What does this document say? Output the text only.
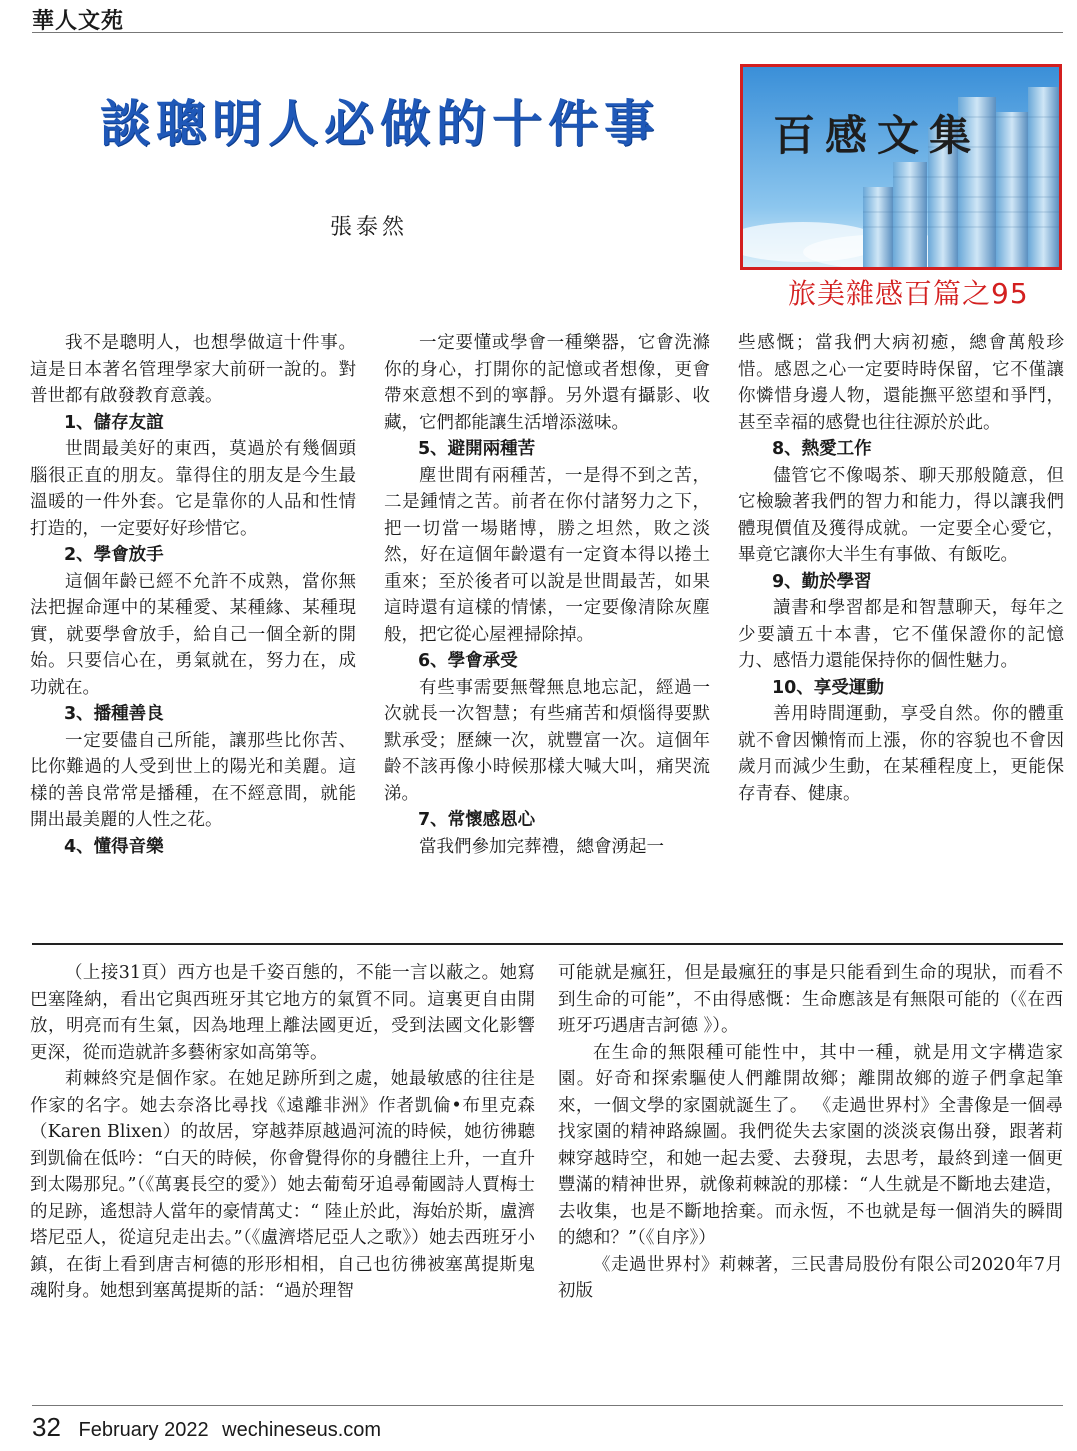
華人文苑
談聰明人必做的十件事
張泰然
百感文集
旅美雜感百篇之95

我不是聰明人，也想學做這十件事。這是日本著名管理學家大前研一說的。對普世都有啟發教育意義。

1、儲存友誼

世間最美好的東西，莫過於有幾個頭腦很正直的朋友。靠得住的朋友是今生最溫暖的一件外套。它是靠你的人品和性情打造的，一定要好好珍惜它。

2、學會放手

這個年齡已經不允許不成熟，當你無法把握命運中的某種愛、某種緣、某種現實，就要學會放手，給自己一個全新的開始。只要信心在，勇氣就在，努力在，成功就在。

3、播種善良

一定要儘自己所能，讓那些比你苦、比你難過的人受到世上的陽光和美麗。這樣的善良常常是播種，在不經意間，就能開出最美麗的人性之花。

4、懂得音樂

一定要懂或學會一種樂器，它會洗滌你的身心，打開你的記憶或者想像，更會帶來意想不到的寧靜。另外還有攝影、收藏，它們都能讓生活增添滋味。

5、避開兩種苦

塵世間有兩種苦，一是得不到之苦，二是鍾情之苦。前者在你付諸努力之下，把一切當一場賭博，勝之坦然，敗之淡然，好在這個年齡還有一定資本得以捲土重來；至於後者可以說是世間最苦，如果這時還有這樣的情愫，一定要像清除灰塵般，把它從心屋裡掃除掉。

6、學會承受

有些事需要無聲無息地忘記，經過一次就長一次智慧；有些痛苦和煩惱得要默默承受；歷練一次，就豐富一次。這個年齡不該再像小時候那樣大喊大叫，痛哭流涕。

7、常懷感恩心

當我們參加完葬禮，總會湧起一

些感慨；當我們大病初癒，總會萬般珍惜。感恩之心一定要時時保留，它不僅讓你憐惜身邊人物，還能撫平慾望和爭鬥，甚至幸福的感覺也往往源於於此。

8、熱愛工作

儘管它不像喝茶、聊天那般隨意，但它檢驗著我們的智力和能力，得以讓我們體現價值及獲得成就。一定要全心愛它，畢竟它讓你大半生有事做、有飯吃。

9、勤於學習

讀書和學習都是和智慧聊天，每年之少要讀五十本書，它不僅保證你的記憶力、感悟力還能保持你的個性魅力。

10、享受運動

善用時間運動，享受自然。你的體重就不會因懶惰而上漲，你的容貌也不會因歲月而減少生動，在某種程度上，更能保存青春、健康。

（上接31頁）西方也是千姿百態的，不能一言以蔽之。她寫巴塞隆納，看出它與西班牙其它地方的氣質不同。這裏更自由開放，明亮而有生氣，因為地理上離法國更近，受到法國文化影響更深，從而造就許多藝術家如高第等。

莉棘終究是個作家。在她足跡所到之處，她最敏感的往往是作家的名字。她去奈洛比尋找《遠離非洲》作者凱倫•布里克森（Karen Blixen）的故居，穿越莽原越過河流的時候，她彷彿聽到凱倫在低吟：“白天的時候，你會覺得你的身體往上升，一直升到太陽那兒。”（《萬裏長空的愛》）她去葡萄牙追尋葡國詩人賈梅士的足跡，遙想詩人當年的豪情萬丈：“ 陸止於此，海始於斯，盧濟塔尼亞人，從這兒走出去。”（《盧濟塔尼亞人之歌》）她去西班牙小鎮，在街上看到唐吉柯德的形形相相，自己也彷彿被塞萬提斯鬼魂附身。她想到塞萬提斯的話：“過於理智

可能就是瘋狂，但是最瘋狂的事是只能看到生命的現狀，而看不到生命的可能”，不由得感慨：生命應該是有無限可能的（《在西班牙巧遇唐吉訶德 》）。

在生命的無限種可能性中，其中一種，就是用文字構造家園。好奇和探索驅使人們離開故鄉；離開故鄉的遊子們拿起筆來，一個文學的家園就誕生了。 《走過世界村》全書像是一個尋找家園的精神路線圖。我們從失去家園的淡淡哀傷出發，跟著莉棘穿越時空，和她一起去愛、去發現，去思考，最終到達一個更豐滿的精神世界，就像莉棘說的那樣：“人生就是不斷地去建造，去收集，也是不斷地捨棄。而永恆，不也就是每一個消失的瞬間的總和？”（《自序》）

《走過世界村》莉棘著，三民書局股份有限公司2020年7月初版

32 February 2022 wechineseus.com
